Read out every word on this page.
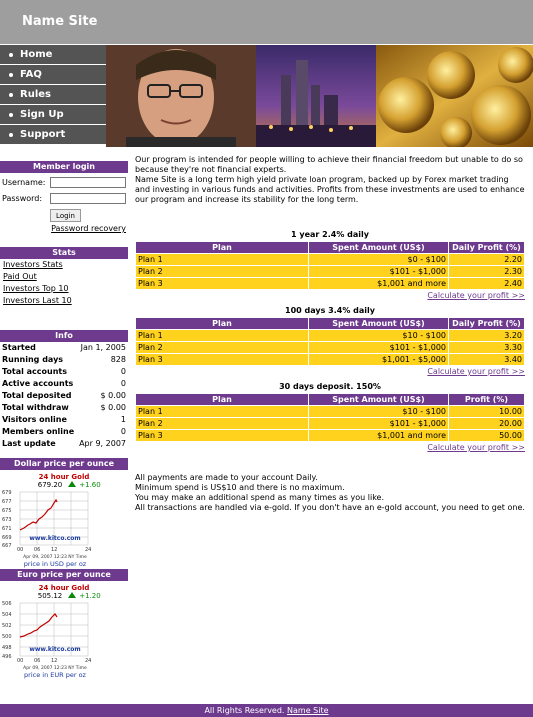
Name Site
Home
FAQ
Rules
Sign Up
Support
Member login
Username:
Password:
Login
Password recovery
Stats
Investors Stats
Paid Out
Investors Top 10
Investors Last 10
Info
Started	Jan 1, 2005
Running days	828
Total accounts	0
Active accounts	0
Total deposited	$ 0.00
Total withdraw	$ 0.00
Visitors online	1
Members online	0
Last update	Apr 9, 2007
Dollar price per ounce
24 hour Gold
679.20 +1.60
679
677
675
673
671
669
667
00 06 12	24
www.kitco.com
Apr 09, 2007 12:23 NY Time
price in USD per oz
Euro price per ounce
24 hour Gold
505.12 +1.20
506
504
502
500
498
496
00 06 12	24
www.kitco.com
Apr 09, 2007 12:23 NY Time
price in EUR per oz
Our program is intended for people willing to achieve their financial freedom but unable to do so because they're not financial experts.
Name Site is a long term high yield private loan program, backed up by Forex market trading and investing in various funds and activities. Profits from these investments are used to enhance our program and increase its stability for the long term.
1 year 2.4% daily
Plan	Spent Amount (US$)	Daily Profit (%)
Plan 1	$0 - $100	2.20
Plan 2	$101 - $1,000	2.30
Plan 3	$1,001 and more	2.40
Calculate your profit >>
100 days 3.4% daily
Plan	Spent Amount (US$)	Daily Profit (%)
Plan 1	$10 - $100	3.20
Plan 2	$101 - $1,000	3.30
Plan 3	$1,001 - $5,000	3.40
Calculate your profit >>
30 days deposit. 150%
Plan	Spent Amount (US$)	Profit (%)
Plan 1	$10 - $100	10.00
Plan 2	$101 - $1,000	20.00
Plan 3	$1,001 and more	50.00
Calculate your profit >>
All payments are made to your account Daily.
Minimum spend is US$10 and there is no maximum.
You may make an additional spend as many times as you like.
All transactions are handled via e-gold. If you don't have an e-gold account, you need to get one.
All Rights Reserved. Name Site
